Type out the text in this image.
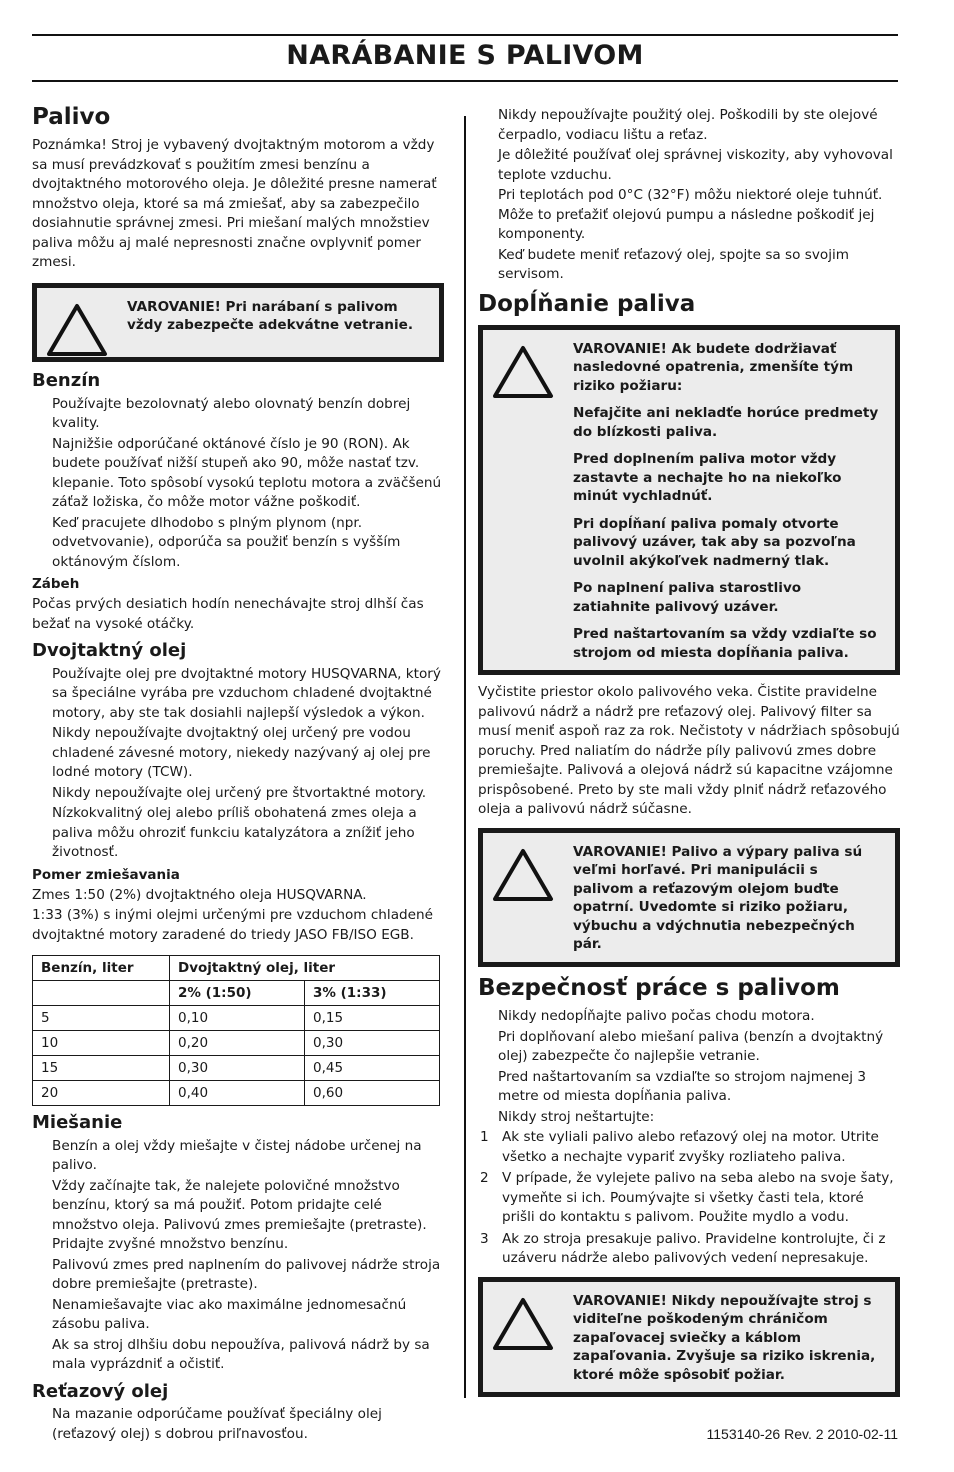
NARÁBANIE S PALIVOM
Palivo

Poznámka! Stroj je vybavený dvojtaktným motorom a vždy sa musí prevádzkovať s použitím zmesi benzínu a dvojtaktného motorového oleja. Je dôležité presne namerať množstvo oleja, ktoré sa má zmiešať, aby sa zabezpečilo dosiahnutie správnej zmesi. Pri miešaní malých množstiev paliva môžu aj malé nepresnosti značne ovplyvniť pomer zmesi.

VAROVANIE! Pri narábaní s palivom vždy zabezpečte adekvátne vetranie.

Benzín

Používajte bezolovnatý alebo olovnatý benzín dobrej kvality.

Najnižšie odporúčané oktánové číslo je 90 (RON). Ak budete používať nižší stupeň ako 90, môže nastať tzv. klepanie. Toto spôsobí vysokú teplotu motora a zväčšenú záťaž ložiska, čo môže motor vážne poškodiť.

Keď pracujete dlhodobo s plným plynom (npr. odvetvovanie), odporúča sa použiť benzín s vyšším oktánovým číslom.

Zábeh

Počas prvých desiatich hodín nenechávajte stroj dlhší čas bežať na vysoké otáčky.

Dvojtaktný olej

Používajte olej pre dvojtaktné motory HUSQVARNA, ktorý sa špeciálne vyrába pre vzduchom chladené dvojtaktné motory, aby ste tak dosiahli najlepší výsledok a výkon.

Nikdy nepoužívajte dvojtaktný olej určený pre vodou chladené závesné motory, niekedy nazývaný aj olej pre lodné motory (TCW).

Nikdy nepoužívajte olej určený pre štvortaktné motory.

Nízkokvalitný olej alebo príliš obohatená zmes oleja a paliva môžu ohroziť funkciu katalyzátora a znížiť jeho životnosť.

Pomer zmiešavania

Zmes 1:50 (2%) dvojtaktného oleja HUSQVARNA.

1:33 (3%) s inými olejmi určenými pre vzduchom chladené dvojtaktné motory zaradené do triedy JASO FB/ISO EGB.

Benzín, liter	Dvojtaktný olej, liter	
	2% (1:50)	3% (1:33)
5	0,10	0,15
10	0,20	0,30
15	0,30	0,45
20	0,40	0,60
Miešanie

Benzín a olej vždy miešajte v čistej nádobe určenej na palivo.

Vždy začínajte tak, že nalejete polovičné množstvo benzínu, ktorý sa má použiť. Potom pridajte celé množstvo oleja. Palivovú zmes premiešajte (pretraste). Pridajte zvyšné množstvo benzínu.

Palivovú zmes pred naplnením do palivovej nádrže stroja dobre premiešajte (pretraste).

Nenamiešavajte viac ako maximálne jednomesačnú zásobu paliva.

Ak sa stroj dlhšiu dobu nepoužíva, palivová nádrž by sa mala vyprázdniť a očistiť.

Reťazový olej

Na mazanie odporúčame používať špeciálny olej (reťazový olej) s dobrou priľnavosťou.

Nikdy nepoužívajte použitý olej. Poškodili by ste olejové čerpadlo, vodiacu lištu a reťaz.

Je dôležité používať olej správnej viskozity, aby vyhovoval teplote vzduchu.

Pri teplotách pod 0°C (32°F) môžu niektoré oleje tuhnúť. Môže to preťažiť olejovú pumpu a následne poškodiť jej komponenty.

Keď budete meniť reťazový olej, spojte sa so svojim servisom.

Dopĺňanie paliva

VAROVANIE! Ak budete dodržiavať nasledovné opatrenia, zmenšíte tým riziko požiaru:

Nefajčite ani nekladťe horúce predmety do blízkosti paliva.

Pred doplnením paliva motor vždy zastavte a nechajte ho na niekoľko minút vychladnúť.

Pri dopĺňaní paliva pomaly otvorte palivový uzáver, tak aby sa pozvoľna uvolnil akýkoľvek nadmerný tlak.

Po naplnení paliva starostlivo zatiahnite palivový uzáver.

Pred naštartovaním sa vždy vzdiaľte so strojom od miesta dopĺňania paliva.

Vyčistite priestor okolo palivového veka. Čistite pravidelne palivovú nádrž a nádrž pre reťazový olej. Palivový filter sa musí meniť aspoň raz za rok. Nečistoty v nádržiach spôsobujú poruchy. Pred naliatím do nádrže píly palivovú zmes dobre premiešajte. Palivová a olejová nádrž sú kapacitne vzájomne prispôsobené. Preto by ste mali vždy plniť nádrž reťazového oleja a palivovú nádrž súčasne.

VAROVANIE! Palivo a výpary paliva sú veľmi horľavé. Pri manipulácii s palivom a reťazovým olejom buďte opatrní. Uvedomte si riziko požiaru, výbuchu a vdýchnutia nebezpečných pár.

Bezpečnosť práce s palivom

Nikdy nedopĺňajte palivo počas chodu motora.

Pri doplňovaní alebo miešaní paliva (benzín a dvojtaktný olej) zabezpečte čo najlepšie vetranie.

Pred naštartovaním sa vzdiaľte so strojom najmenej 3 metre od miesta dopĺňania paliva.

Nikdy stroj neštartujte:

1 Ak ste vyliali palivo alebo reťazový olej na motor. Utrite všetko a nechajte vypariť zvyšky rozliateho paliva.
2 V prípade, že vylejete palivo na seba alebo na svoje šaty, vymeňte si ich. Poumývajte si všetky časti tela, ktoré prišli do kontaktu s palivom. Použite mydlo a vodu.
3 Ak zo stroja presakuje palivo. Pravidelne kontrolujte, či z uzáveru nádrže alebo palivových vedení nepresakuje.

VAROVANIE! Nikdy nepoužívajte stroj s viditeľne poškodeným chráničom zapaľovacej sviečky a káblom zapaľovania. Zvyšuje sa riziko iskrenia, ktoré môže spôsobiť požiar.

1153140-26 Rev. 2 2010-02-11
